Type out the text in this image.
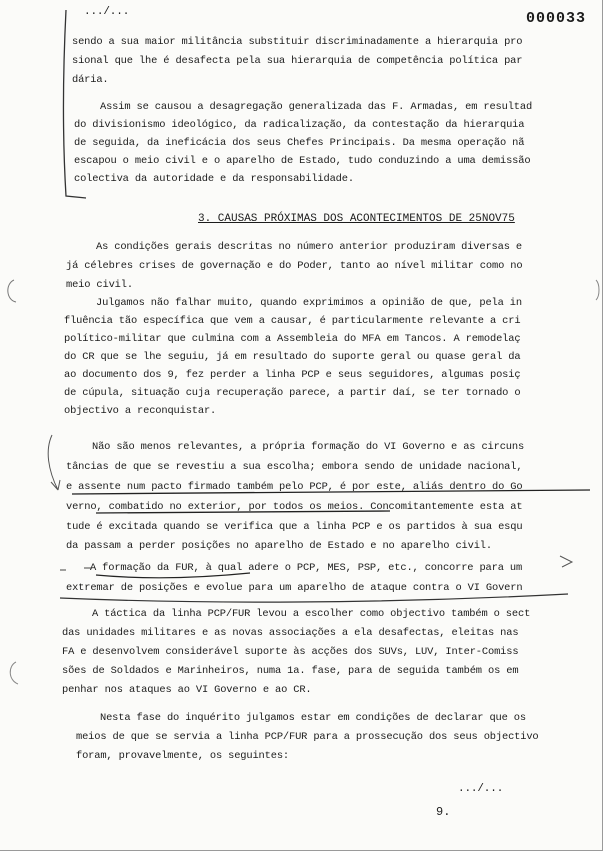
.../...	000033
sendo a sua maior militância substituir discriminadamente a hierarquia pro
sional que lhe é desafecta pela sua hierarquia de competência política par
dária.
Assim se causou a desagregação generalizada das F. Armadas, em resultad
do divisionismo ideológico, da radicalização, da contestação da hierarquia
de seguida, da ineficácia dos seus Chefes Principais. Da mesma operação nã
escapou o meio civil e o aparelho de Estado, tudo conduzindo a uma demissão
colectiva da autoridade e da responsabilidade.
3. CAUSAS PRÓXIMAS DOS ACONTECIMENTOS DE 25NOV75
As condições gerais descritas no número anterior produziram diversas e
já célebres crises de governação e do Poder, tanto ao nível militar como no
meio civil.
Julgamos não falhar muito, quando exprimimos a opinião de que, pela in
fluência tão específica que vem a causar, é particularmente relevante a cri
político-militar que culmina com a Assembleia do MFA em Tancos. A remodelaç
do CR que se lhe seguiu, já em resultado do suporte geral ou quase geral da
ao documento dos 9, fez perder a linha PCP e seus seguidores, algumas posiç
de cúpula, situação cuja recuperação parece, a partir daí, se ter tornado o
objectivo a reconquistar.
Não são menos relevantes, a própria formação do VI Governo e as circuns
tâncias de que se revestiu a sua escolha; embora sendo de unidade nacional,
e assente num pacto firmado também pelo PCP, é por este, aliás dentro do Go
verno, combatido no exterior, por todos os meios. Concomitantemente esta at
tude é excitada quando se verifica que a linha PCP e os partidos à sua esqu
da passam a perder posições no aparelho de Estado e no aparelho civil.
A formação da FUR, à qual adere o PCP, MES, PSP, etc., concorre para um
extremar de posições e evolue para um aparelho de ataque contra o VI Govern
A táctica da linha PCP/FUR levou a escolher como objectivo também o sect
das unidades militares e as novas associações a ela desafectas, eleitas nas
FA e desenvolvem considerável suporte às acções dos SUVs, LUV, Inter-Comiss
sões de Soldados e Marinheiros, numa 1a. fase, para de seguida também os em
penhar nos ataques ao VI Governo e ao CR.
Nesta fase do inquérito julgamos estar em condições de declarar que os
meios de que se servia a linha PCP/FUR para a prossecução dos seus objectivo
foram, provavelmente, os seguintes:
.../...
9.
